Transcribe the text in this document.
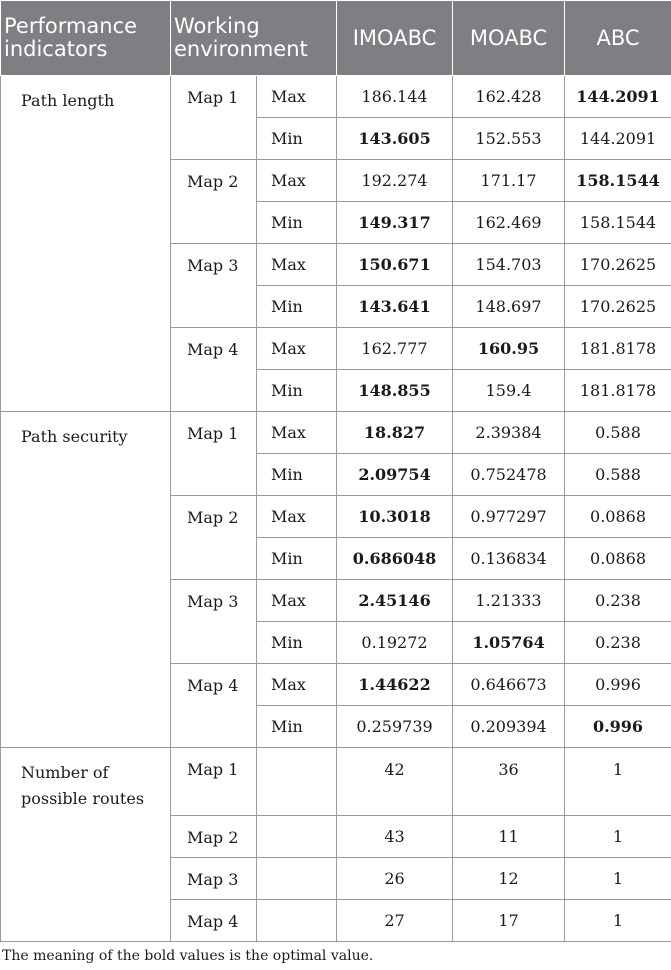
Performance indicators	Working environment		IMOABC	MOABC	ABC
Path length	Map 1	Max	186.144	162.428	144.2091
		Min	143.605	152.553	144.2091
	Map 2	Max	192.274	171.17	158.1544
		Min	149.317	162.469	158.1544
	Map 3	Max	150.671	154.703	170.2625
		Min	143.641	148.697	170.2625
	Map 4	Max	162.777	160.95	181.8178
		Min	148.855	159.4	181.8178
Path security	Map 1	Max	18.827	2.39384	0.588
		Min	2.09754	0.752478	0.588
	Map 2	Max	10.3018	0.977297	0.0868
		Min	0.686048	0.136834	0.0868
	Map 3	Max	2.45146	1.21333	0.238
		Min	0.19272	1.05764	0.238
	Map 4	Max	1.44622	0.646673	0.996
		Min	0.259739	0.209394	0.996
Number of possible routes	Map 1		42	36	1
	Map 2		43	11	1
	Map 3		26	12	1
	Map 4		27	17	1
The meaning of the bold values is the optimal value.
